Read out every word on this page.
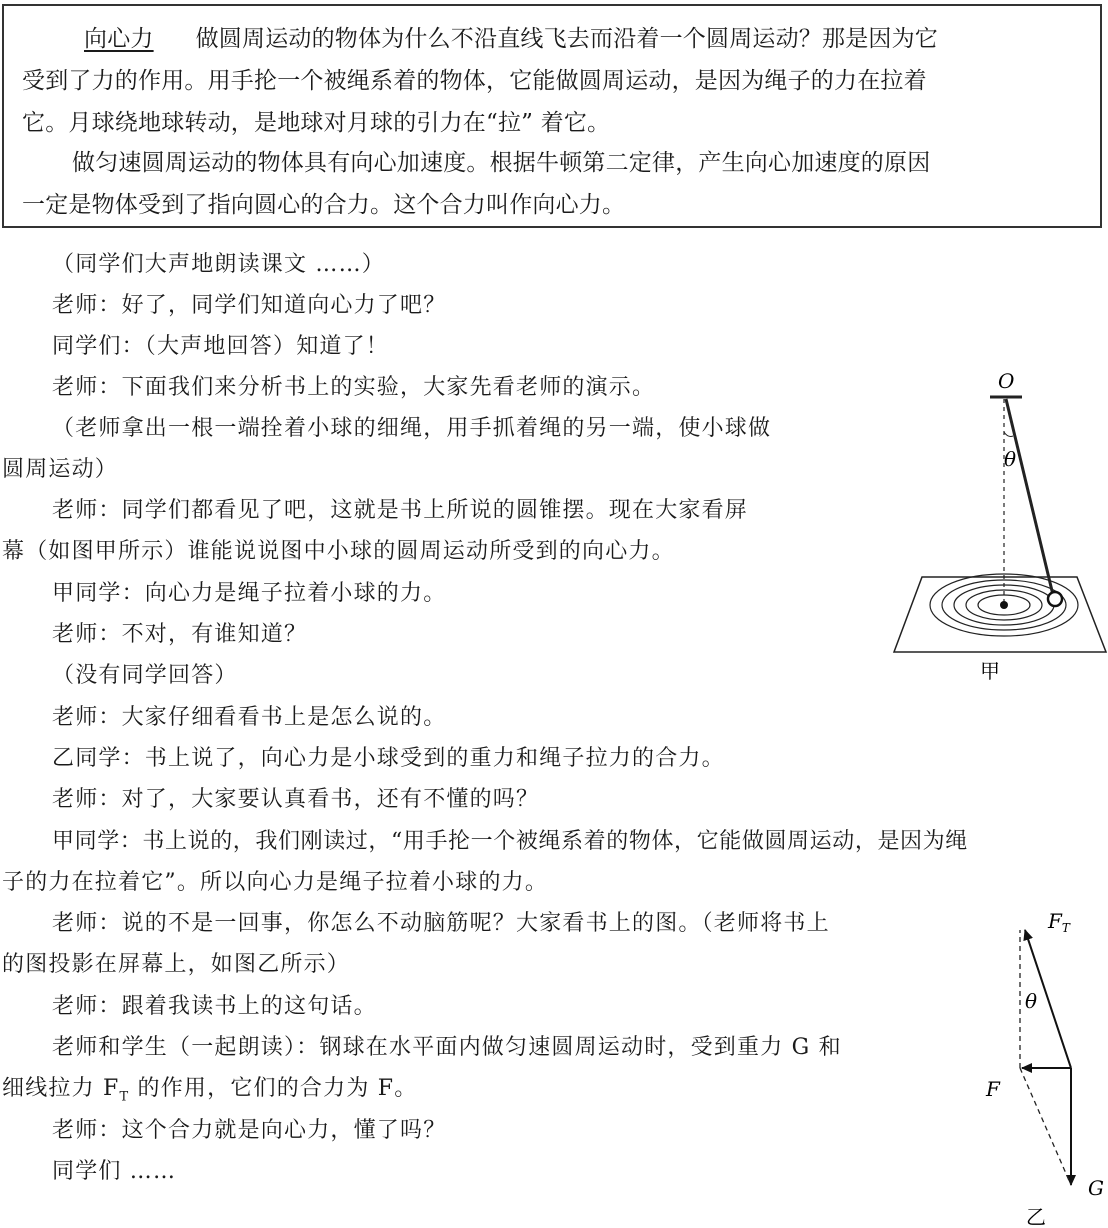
向心力 做圆周运动的物体为什么不沿直线飞去而沿着一个圆周运动？那是因为它
受到了力的作用。用手抡一个被绳系着的物体，它能做圆周运动，是因为绳子的力在拉着
它。月球绕地球转动，是地球对月球的引力在“拉” 着它。
做匀速圆周运动的物体具有向心加速度。根据牛顿第二定律，产生向心加速度的原因
一定是物体受到了指向圆心的合力。这个合力叫作向心力。
（同学们大声地朗读课文 ……）
老师：好了，同学们知道向心力了吧？
同学们：（大声地回答）知道了！
老师：下面我们来分析书上的实验，大家先看老师的演示。
（老师拿出一根一端拴着小球的细绳，用手抓着绳的另一端，使小球做
圆周运动）
老师：同学们都看见了吧，这就是书上所说的圆锥摆。现在大家看屏
幕（如图甲所示）谁能说说图中小球的圆周运动所受到的向心力。
甲同学：向心力是绳子拉着小球的力。
老师：不对，有谁知道？
（没有同学回答）
老师：大家仔细看看书上是怎么说的。
乙同学：书上说了，向心力是小球受到的重力和绳子拉力的合力。
老师：对了，大家要认真看书，还有不懂的吗？
甲同学：书上说的，我们刚读过，“用手抡一个被绳系着的物体，它能做圆周运动，是因为绳
子的力在拉着它”。所以向心力是绳子拉着小球的力。
老师：说的不是一回事，你怎么不动脑筋呢？大家看书上的图。（老师将书上
的图投影在屏幕上，如图乙所示）
老师：跟着我读书上的这句话。
老师和学生（一起朗读）：钢球在水平面内做匀速圆周运动时，受到重力 G 和
细线拉力 $F_T$ 的作用，它们的合力为 F。
老师：这个合力就是向心力，懂了吗？
同学们 ……
O
θ
甲
$F_T$
θ
F
G
乙
